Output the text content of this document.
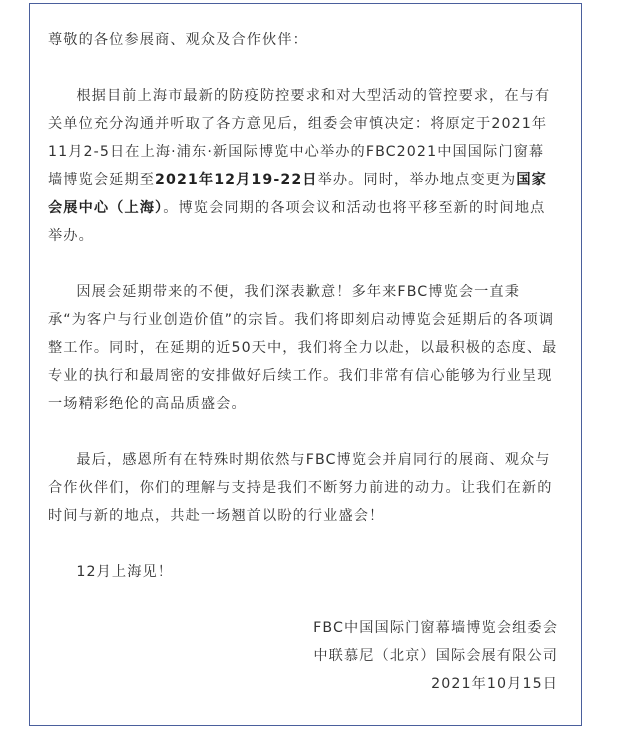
尊敬的各位参展商、观众及合作伙伴：

根据目前上海市最新的防疫防控要求和对大型活动的管控要求，在与有关单位充分沟通并听取了各方意见后，组委会审慎决定：将原定于2021年11月2-5日在上海·浦东·新国际博览中心举办的FBC2021中国国际门窗幕墙博览会延期至2021年12月19-22日举办。同时，举办地点变更为国家会展中心（上海）。博览会同期的各项会议和活动也将平移至新的时间地点举办。

因展会延期带来的不便，我们深表歉意！多年来FBC博览会一直秉承“为客户与行业创造价值”的宗旨。我们将即刻启动博览会延期后的各项调整工作。同时，在延期的近50天中，我们将全力以赴，以最积极的态度、最专业的执行和最周密的安排做好后续工作。我们非常有信心能够为行业呈现一场精彩绝伦的高品质盛会。

最后，感恩所有在特殊时期依然与FBC博览会并肩同行的展商、观众与合作伙伴们，你们的理解与支持是我们不断努力前进的动力。让我们在新的时间与新的地点，共赴一场翘首以盼的行业盛会！

12月上海见！

FBC中国国际门窗幕墙博览会组委会
中联慕尼（北京）国际会展有限公司
2021年10月15日
